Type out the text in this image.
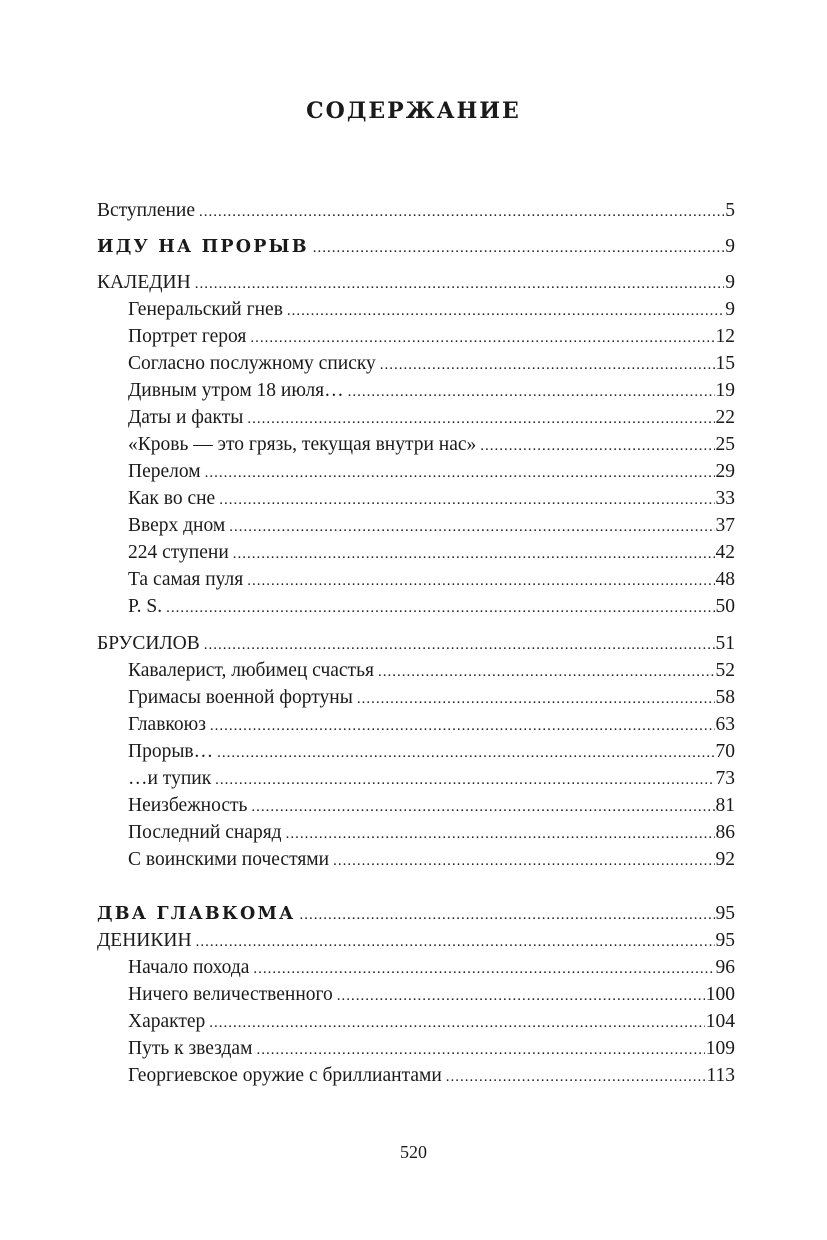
СОДЕРЖАНИЕ
Вступление .....	5
ИДУ НА ПРОРЫВ .....	9
КАЛЕДИН .....	9
Генеральский гнев .....	9
Портрет героя .....	12
Согласно послужному списку .....	15
Дивным утром 18 июля… .....	19
Даты и факты .....	22
«Кровь — это грязь, текущая внутри нас» .....	25
Перелом .....	29
Как во сне .....	33
Вверх дном .....	37
224 ступени .....	42
Та самая пуля .....	48
P. S. .....	50
БРУСИЛОВ .....	51
Кавалерист, любимец счастья .....	52
Гримасы военной фортуны .....	58
Главкоюз .....	63
Прорыв… .....	70
…и тупик .....	73
Неизбежность .....	81
Последний снаряд .....	86
С воинскими почестями .....	92
ДВА ГЛАВКОМА .....	95
ДЕНИКИН .....	95
Начало похода .....	96
Ничего величественного .....	100
Характер .....	104
Путь к звездам .....	109
Георгиевское оружие с бриллиантами .....	113
520
